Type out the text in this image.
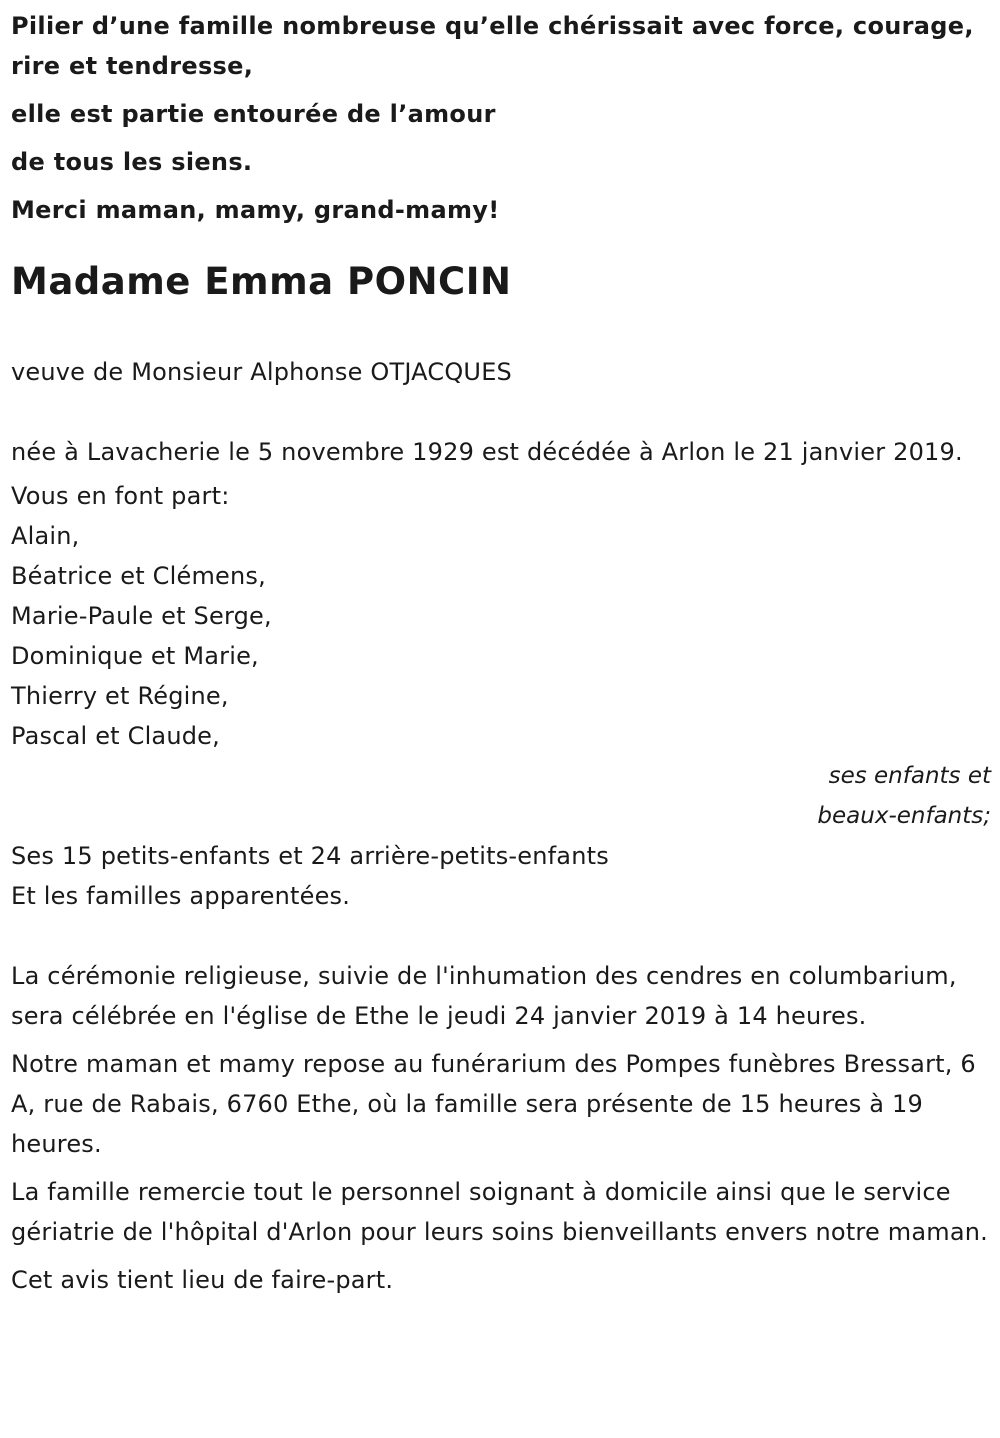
Pilier d’une famille nombreuse qu’elle chérissait avec force, courage, rire et tendresse,

elle est partie entourée de l’amour

de tous les siens.

Merci maman, mamy, grand-mamy!

Madame Emma PONCIN
veuve de Monsieur Alphonse OTJACQUES
née à Lavacherie le 5 novembre 1929 est décédée à Arlon le 21 janvier 2019.
Vous en font part:
Alain,
Béatrice et Clémens,
Marie-Paule et Serge,
Dominique et Marie,
Thierry et Régine,
Pascal et Claude,
ses enfants et
beaux-enfants;
Ses 15 petits-enfants et 24 arrière-petits-enfants
Et les familles apparentées.
La cérémonie religieuse, suivie de l'inhumation des cendres en columbarium, sera célébrée en l'église de Ethe le jeudi 24 janvier 2019 à 14 heures.
Notre maman et mamy repose au funérarium des Pompes funèbres Bressart, 6 A, rue de Rabais, 6760 Ethe, où la famille sera présente de 15 heures à 19 heures.
La famille remercie tout le personnel soignant à domicile ainsi que le service gériatrie de l'hôpital d'Arlon pour leurs soins bienveillants envers notre maman.
Cet avis tient lieu de faire-part.
